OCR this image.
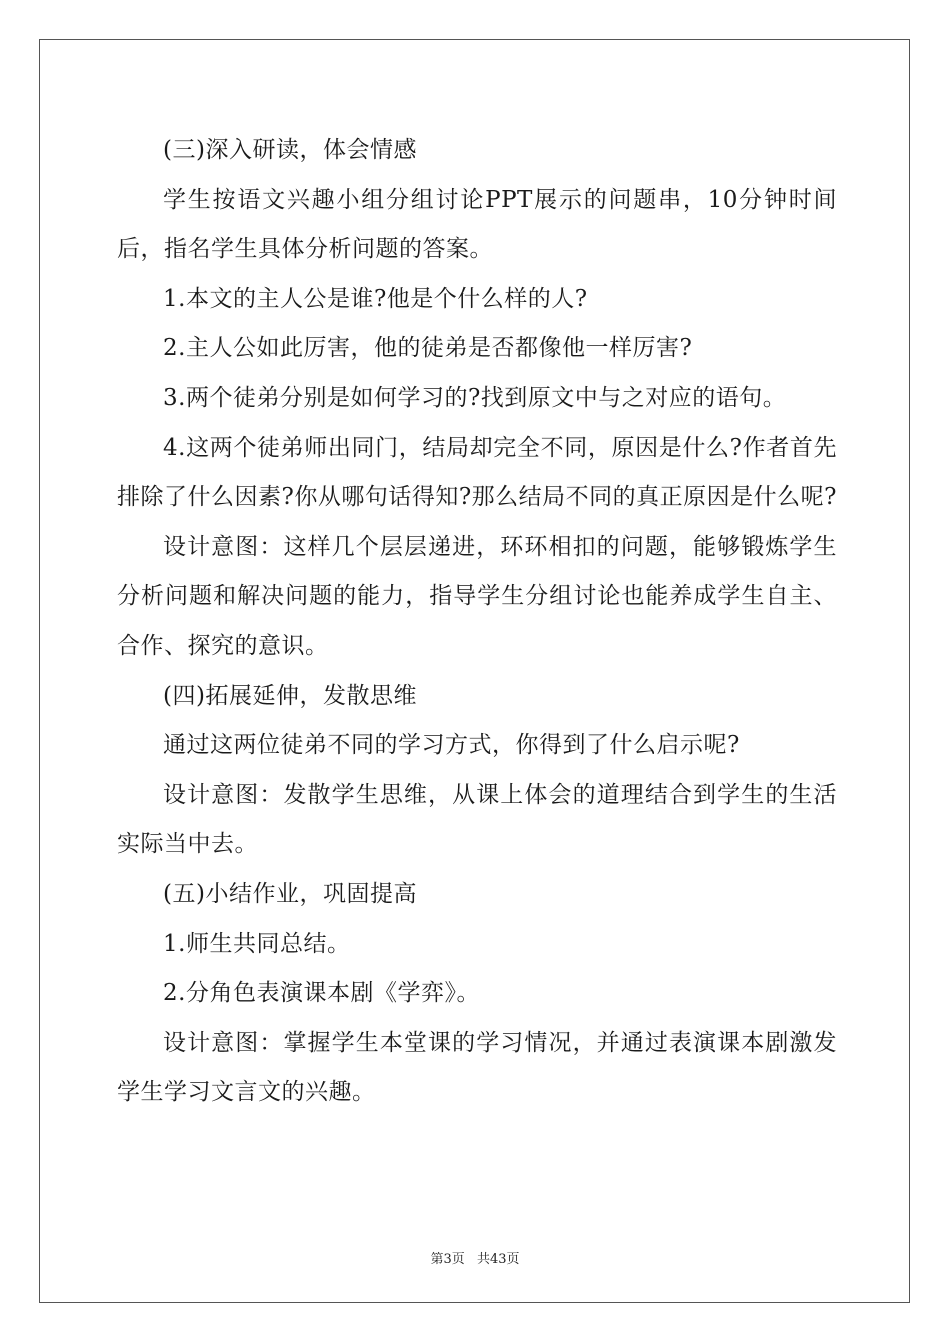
(三)深入研读，体会情感

学生按语文兴趣小组分组讨论PPT展示的问题串，10分钟时间后，指名学生具体分析问题的答案。

1.本文的主人公是谁?他是个什么样的人?

2.主人公如此厉害，他的徒弟是否都像他一样厉害?

3.两个徒弟分别是如何学习的?找到原文中与之对应的语句。

4.这两个徒弟师出同门，结局却完全不同，原因是什么?作者首先排除了什么因素?你从哪句话得知?那么结局不同的真正原因是什么呢?

设计意图：这样几个层层递进，环环相扣的问题，能够锻炼学生分析问题和解决问题的能力，指导学生分组讨论也能养成学生自主、合作、探究的意识。

(四)拓展延伸，发散思维

通过这两位徒弟不同的学习方式，你得到了什么启示呢?

设计意图：发散学生思维，从课上体会的道理结合到学生的生活实际当中去。

(五)小结作业，巩固提高

1.师生共同总结。

2.分角色表演课本剧《学弈》。

设计意图：掌握学生本堂课的学习情况，并通过表演课本剧激发学生学习文言文的兴趣。

第3页 共43页
